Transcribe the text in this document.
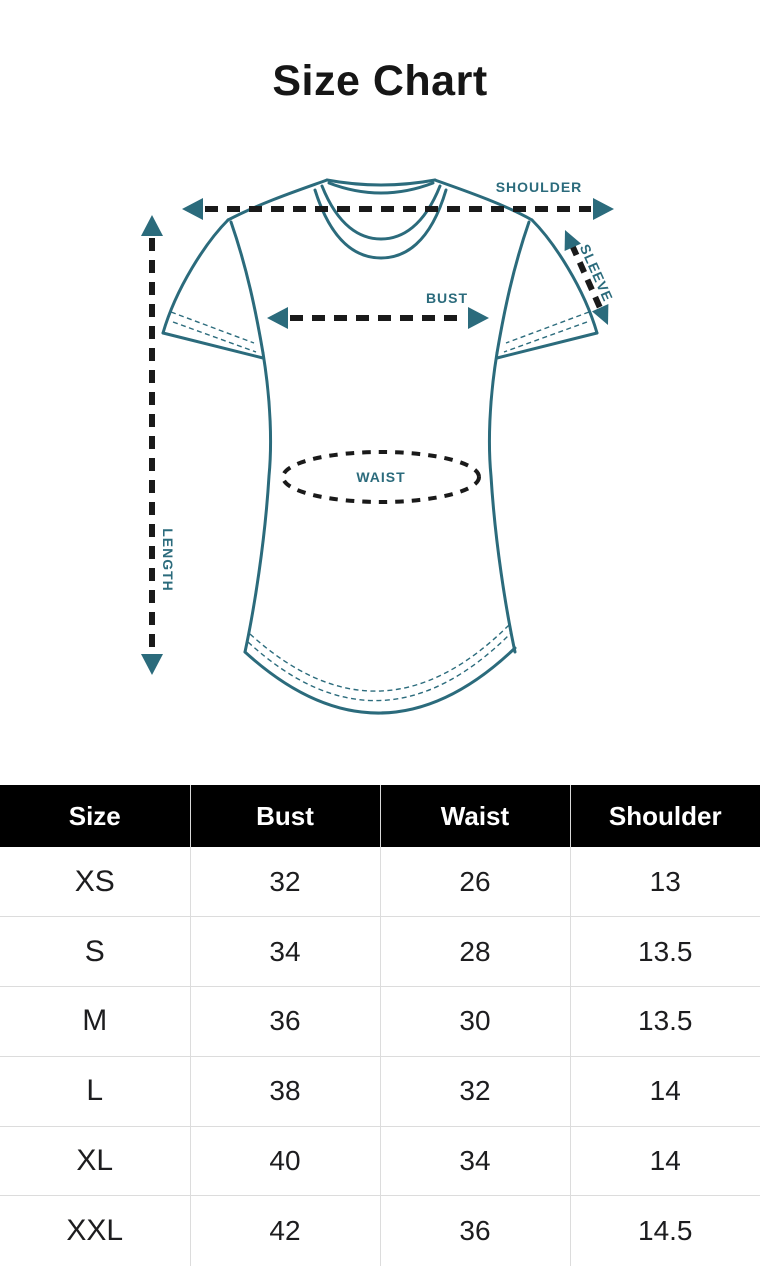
Size Chart
SHOULDER
SLEEVE
BUST
WAIST
LENGTH
Size	Bust	Waist	Shoulder
XS	32	26	13
S	34	28	13.5
M	36	30	13.5
L	38	32	14
XL	40	34	14
XXL	42	36	14.5
